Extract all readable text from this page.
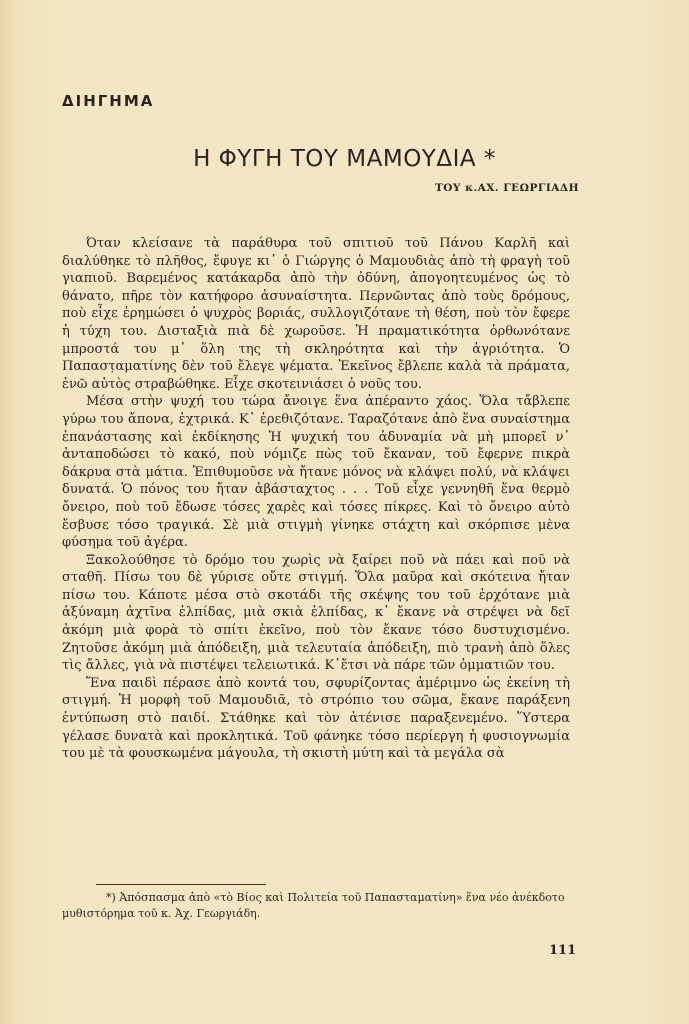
ΔΙΗΓΗΜΑ
Η ΦΥΓΗ ΤΟΥ ΜΑΜΟΥΔΙΑ *
ΤΟΥ κ.ΑΧ. ΓΕΩΡΓΙΑΔΗ

Όταν κλείσανε τὰ παράθυρα τοῦ σπιτιοῦ τοῦ Πάνου Καρλῆ καὶ διαλύθηκε τὸ πλῆθος, ἔφυγε κι᾽ ὁ Γιώργης ὁ Μαμουδιὰς ἀπὸ τὴ φραγὴ τοῦ γιαπιοῦ. Βαρεμένος κατάκαρδα ἀπὸ τὴν ὀδύνη, ἀπογοητευμένος ὡς τὸ θάνατο, πῆρε τὸν κατήφορο ἀσυναίστητα. Περνῶντας ἀπὸ τοὺς δρόμους, ποὺ εἶχε ἐρημώσει ὁ ψυχρὸς βοριάς, συλλογιζότανε τὴ θέση, ποὺ τὸν ἔφερε ἡ τύχη του. Δισταξιὰ πιὰ δὲ χωροῦσε. Ἡ πραματικότητα ὀρθωνότανε μπροστά του μ᾽ ὅλη της τὴ σκληρότητα καὶ τὴν ἀγριότητα. Ὁ Παπαστ̣αματίνης δὲν τοῦ ἔλεγε ψέματα. Ἐκεῖνος ἔβλεπε καλὰ τὰ πράματα, ἐνῶ αὐτὸς στραβώθηκε. Εἶχε σκοτεινιάσει ὁ νοῦς του.

Μέσα στὴν ψυχή του τώρα ἄνοιγε ἕνα ἀπέραντο χάος. Ὅλα τἄβλεπε γύρω του ἄπονα, ἐχτρικά. Κ᾽ ἐρεθιζότανε. Ταραζότανε ἀπὸ ἕνα συναίστημα ἐπανάστασης καὶ ἐκδίκησης Ἡ ψυχική του ἀδυναμία νὰ μὴ μπορεῖ ν᾽ ἀνταποδώσει τὸ κακό, ποὺ νόμιζε πὼς τοῦ ἔκαναν, τοῦ ἔφερνε πικρὰ δάκρυα στὰ μάτια. Ἐπιθυμοῦσε νὰ ἤτανε μόνος νὰ κλάψει πολύ, νὰ κλάψει δυνατά. Ὁ πόνος του ἤταν ἀβάσταχτος . . . Τοῦ εἶχε γεννηθῆ ἕνα θερμὸ ὄνειρο, ποὺ τοῦ ἔδωσε τόσες χαρὲς καὶ τόσες πίκρες. Καὶ τὸ ὄνειρο αὐτὸ ἔσβυσε τόσο τραγικά. Σὲ μιὰ στιγμὴ γίνηκε στάχτη καὶ σκόρπισε μὲνα φύσημα τοῦ ἀγέρα.

Ξακολούθησε τὸ δρόμο του χωρὶς νὰ ξαίρει ποῦ νὰ πάει καὶ ποῦ νὰ σταθῆ. Πίσω του δὲ γύρισε οὔτε στιγμή. Ὅλα μαῦρα καὶ σκότεινα ἤταν πίσω του. Κάποτε μέσα στὸ σκοτάδι τῆς σκέψης του τοῦ ἐρχότανε μιὰ ἀξύναμη ἀχτῖνα ἐλπίδας, μιὰ σκιὰ ἐλπίδας, κ᾽ ἔκανε νὰ στρέψει νὰ δεῖ ἀκόμη μιὰ φορὰ τὸ σπίτι ἐκεῖνο, ποὺ τὸν ἔκανε τόσο δυστυχισμένο. Ζητοῦσε ἀκόμη μιὰ ἀπόδειξη, μιὰ τελευταία ἀπόδειξη, πιὸ τρανὴ ἀπὸ ὅλες τὶς ἄλλες, γιὰ νὰ πιστέψει τελειωτικά. Κ᾽ἔτσι νὰ πάρε τῶν ὀμματιῶν του.

Ἕνα παιδὶ πέρασε ἀπὸ κοντά του, σφυρίζοντας ἀμέριμνο ὡς ἐκείνη τὴ στιγμή. Ἡ μορφὴ τοῦ Μαμουδιᾶ, τὸ στρόπιο του σῶμα, ἔκανε παράξενη ἐντύπωση στὸ παιδί. Στάθηκε καὶ τὸν ἀτένισε παραξενεμένο. Ὕστερα γέλασε δυνατὰ καὶ προκλητικά. Τοῦ φάνηκε τόσο περίεργη ἡ φυσιογνωμία του μὲ τὰ φουσκωμένα μάγουλα, τὴ σκιστὴ μύτη καὶ τὰ μεγάλα σὰ

*) Ἀπόσπασμα ἀπὸ «τὸ Βίος καὶ Πολιτεία τοῦ Παπασταματίνη» ἕνα νέο ἀνέκδοτο μυθιστόρημα τοῦ κ. Ἀχ. Γεωργιάδη.
111
